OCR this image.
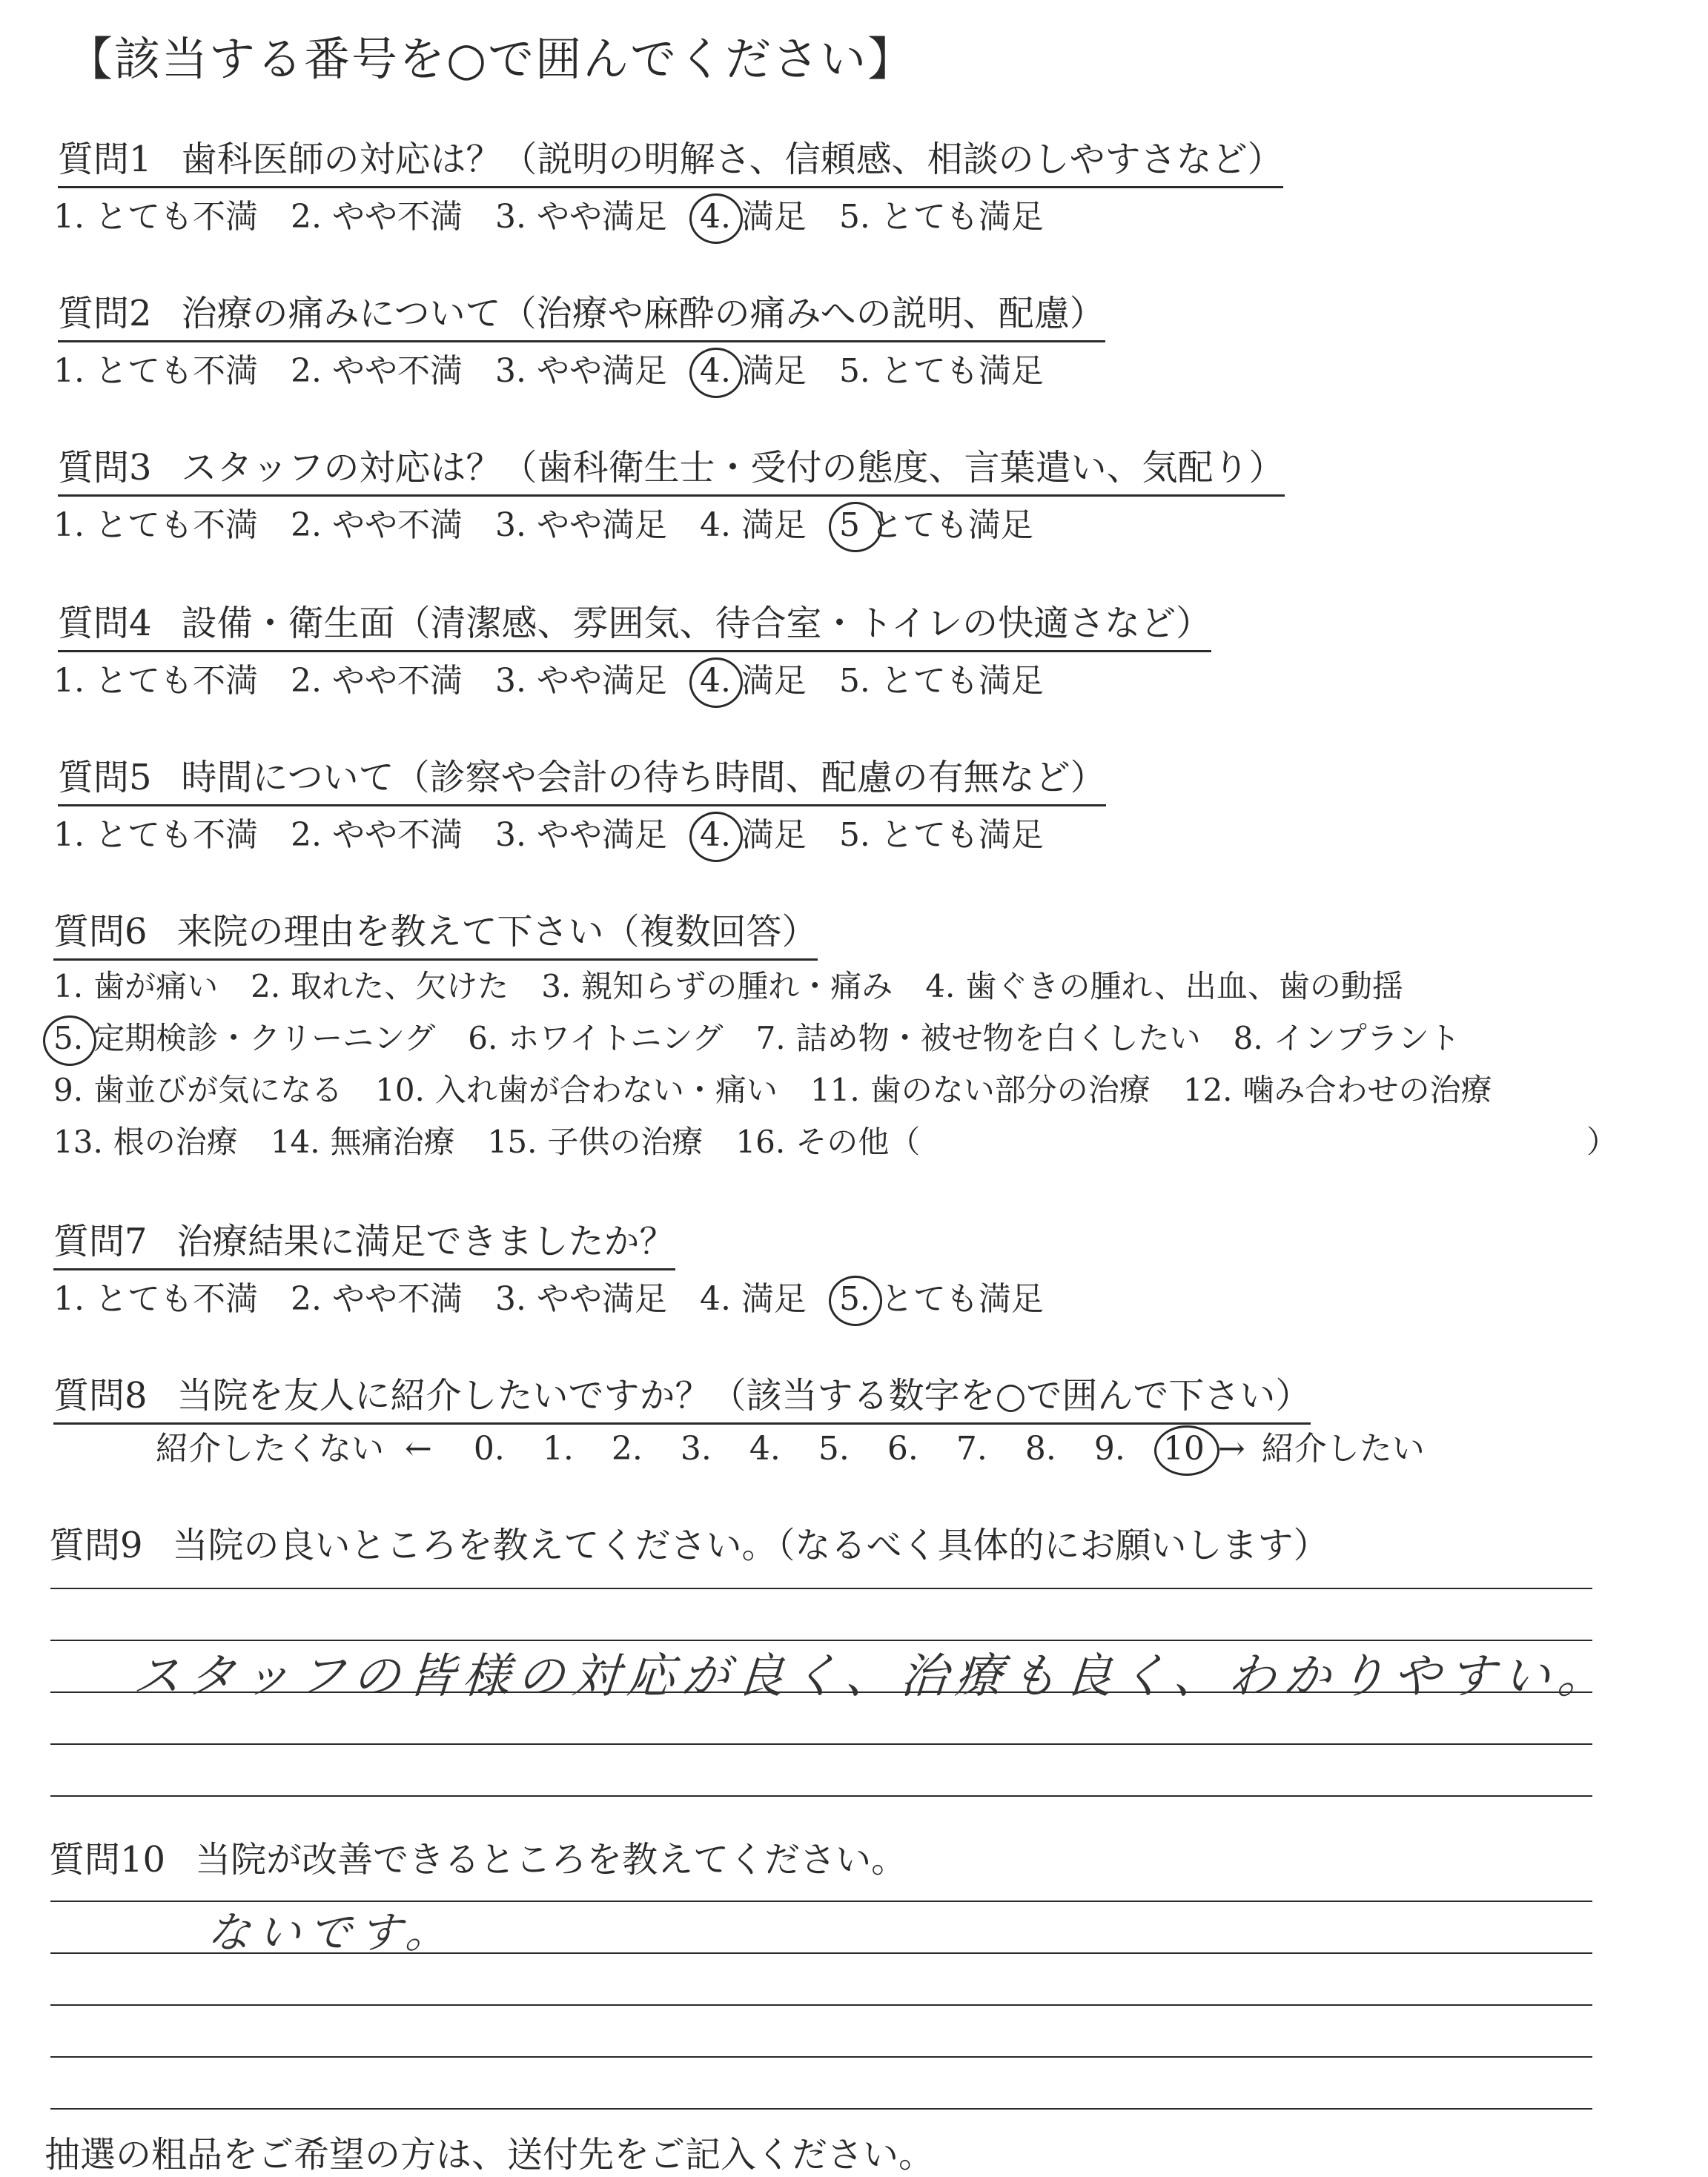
【該当する番号を○で囲んでください】
質問1 歯科医師の対応は？（説明の明解さ、信頼感、相談のしやすさなど）
1. とても不満 2. やや不満 3. やや満足 4. 満足 5. とても満足
質問2 治療の痛みについて（治療や麻酔の痛みへの説明、配慮）
1. とても不満 2. やや不満 3. やや満足 4. 満足 5. とても満足
質問3 スタッフの対応は？（歯科衛生士・受付の態度、言葉遣い、気配り）
1. とても不満 2. やや不満 3. やや満足 4. 満足 5 とても満足
質問4 設備・衛生面（清潔感、雰囲気、待合室・トイレの快適さなど）
1. とても不満 2. やや不満 3. やや満足 4. 満足 5. とても満足
質問5 時間について（診察や会計の待ち時間、配慮の有無など）
1. とても不満 2. やや不満 3. やや満足 4. 満足 5. とても満足
質問6 来院の理由を教えて下さい（複数回答）
1. 歯が痛い 2. 取れた、欠けた 3. 親知らずの腫れ・痛み 4. 歯ぐきの腫れ、出血、歯の動揺
5. 定期検診・クリーニング 6. ホワイトニング 7. 詰め物・被せ物を白くしたい 8. インプラント
9. 歯並びが気になる 10. 入れ歯が合わない・痛い 11. 歯のない部分の治療 12. 噛み合わせの治療
13. 根の治療 14. 無痛治療 15. 子供の治療 16. その他（	）
質問7 治療結果に満足できましたか？
1. とても不満 2. やや不満 3. やや満足 4. 満足 5. とても満足
質問8 当院を友人に紹介したいですか？（該当する数字を○で囲んで下さい）
紹介したくない ← 0. 1. 2. 3. 4. 5. 6. 7. 8. 9. 10 → 紹介したい
質問9 当院の良いところを教えてください。（なるべく具体的にお願いします）
スタッフの皆様の対応が良く、治療も良く、わかりやすい。
質問10 当院が改善できるところを教えてください。
ないです。
抽選の粗品をご希望の方は、送付先をご記入ください。
